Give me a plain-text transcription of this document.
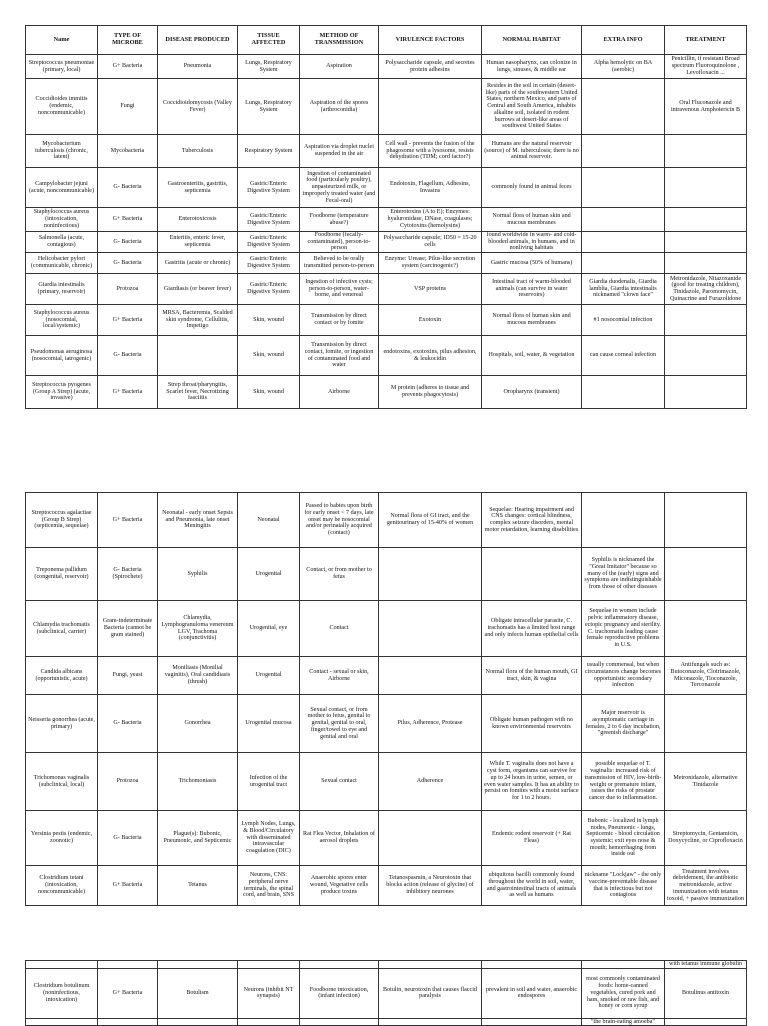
Name	TYPE OF MICROBE	DISEASE PRODUCED	TISSUE AFFECTED	METHOD OF TRANSMISSION	VIRULENCE FACTORS	NORMAL HABITAT	EXTRA INFO	TREATMENT
Streptococcus pneumoniae (primary, local)	G+ Bacteria	Pneumonia	Lungs, Respiratory System	Aspiration	Polysaccharide capsule, and secretes protein adhesins	Human nasopharynx, can colonize in lungs, sinuses, & middle ear	Alpha hemolytic on BA (aerobic)	Penicillin, if resistant Broad spectrum Fluoroquinolone , Levofloxacin ...
Coccidioides immitis (endemic, noncommunicable)	Fungi	Coccidioidomycosis (Valley Fever)	Lungs, Respiratory System	Aspiration of the spores (arthroconidia)		Resides in the soil in certain (desert-like) parts of the southwestern United States, northern Mexico, and parts of Central and South America, inhabits alkaline soil, isolated in rodent burrows at desert-like areas of southwest United States		Oral Fluconazole and intravenous Amphotericin B
Mycobacterium tuberculosis (chronic, latent)	Mycobacteria	Tuberculosis	Respiratory System	Aspiration via droplet nuclei suspended in the air	Cell wall - prevents the fusion of the phagosome with a lysosome, resists dehydration (TDM; cord factor?)	Humans are the natural reservoir (source) of M. tuberculosis; there is no animal reservoir.		
Campylobacter jejuni (acute, noncommunicable)	G- Bacteria	Gastroenteritis, gastritis, septicemia	Gastric/Enteric Digestive System	Ingestion of contaminated food (particularly poultry), unpasteurized milk, or improperly treated water (and Fecal-oral)	Endotoxin, Flagellum, Adhesins, Invasins	commonly found in animal feces		
Staphylococcus aureus (intoxication, noninfectious)	G+ Bacteria	Enterotoxicosis	Gastric/Enteric Digestive System	Foodborne (temperature abuse?)	Enterotoxins (A to E); Enzymes: hyaluronidase, DNase, coagulases; Cytotoxins (hemolysins)	Normal flora of human skin and mucous membranes		
Salmonella (acute, contagious)	G- Bacteria	Enteritis, enteric fever, septicemia	Gastric/Enteric Digestive System	Foodborne (fecally-contaminated), person-to-person	Polysaccharide capsule; ID50 = 15-20 cells	found worldwide in warm- and cold-blooded animals, in humans, and in nonliving habitats		
Helicobacter pylori (communicable, chronic)	G- Bacteria	Gastritis (acute or chronic)	Gastric/Enteric Digestive System	Believed to be orally transmitted person-to-person	Enzyme: Urease; Pilus-like secretion system (carcinogenic?)	Gastric mucosa (50% of humans)		
Giardia intestinalis (primary, reservoir)	Protozoa	Giardiasis (or beaver fever)	Gastric/Enteric Digestive System	Ingestion of infective cysts; person-to-person, water-borne, and venereal	VSP proteins	Intestinal tract of warm-blooded animals (can survive in water reservoirs)	Giardia duodenalis, Giardia lamblia, Giardia intestinalis nicknamed "clown face"	Metronidazole, Nitazoxanide (good for treating children), Tinidazole, Paromomycin, Quinacrine and Furazolidone
Staphylococcus aureus (nosocomial, local/systemic)	G+ Bacteria	MRSA, Bacteremia, Scalded skin syndrome, Cellulitis, Impetigo	Skin, wound	Transmission by direct contact or by fomite	Exotoxin	Normal flora of human skin and mucous membranes	#1 nosocomial infection	
Pseudomonas aeruginosa (nosocomial, iatrogenic)	G- Bacteria		Skin, wound	Transmission by direct contact, fomite, or ingestion of contaminated food and water	endotoxins, exotoxins, pilus adhesion, & leukocidin	Hospitals, soil, water, & vegetation	can cause corneal infection	
Streptococcus pyogenes (Group A Strep) (acute, invasive)	G+ Bacteria	Strep throat/pharyngitis, Scarlet fever, Necrotizing fasciitis	Skin, wound	Airborne	M protein (adheres to tissue and prevents phagocytosis)	Oropharynx (transient)		
Streptococcus agalactiae (Group B Strep) (septicemia, sequelae)	G+ Bacteria	Neonatal - early onset Sepsis and Pneumonia, late onset Meningitis	Neonatal	Passed to babies upon birth for early onset < 7 days, late onset may be nosocomial and/or perinatally acquired (contact)	Normal flora of GI tract, and the genitourinary of 15-40% of women	Sequelae: Hearing impairment and CNS changes: cortical blindness, complex seizure disorders, mental motor retardation, learning disabilities		
Treponema pallidum (congenital, reservoir)	G- Bacteria (Spirochete)	Syphilis	Urogenital	Contact, or from mother to fetus			Syphilis is nicknamed the "Great Imitator" because so many of the (early) signs and symptoms are indistinguishable from those of other diseases	
Chlamydia trachomatis (subclinical, carrier)	Gram-indeterminate Bacteria (cannot be gram stained)	Chlamydia, Lymphogranuloma venereum LGV, Trachoma (conjunctivitis)	Urogenital, eye	Contact		Obligate intracellular parasite, C. trachomatis has a limited host range and only infects human epithelial cells	Sequelae in women include pelvic inflammatory disease, ectopic pregnancy and sterility. C. trachomatis leading cause female reproductive problems in U.S.	
Candida albicans (opportunistic, acute)	Fungi, yeast	Moniliasis (Monilial vaginitis), Oral candidiasis (thrush)	Urogenital	Contact - sexual or skin, Airborne		Normal flora of the human mouth, GI tract, skin, & vagina	usually commensal, but when circumstances change becomes opportunistic secondary infection	Antifungals such as: Butoconazole, Clotrimazole, Miconazole, Tioconazole, Terconazole
Neisseria gonorrhea (acute, primary)	G- Bacteria	Gonorrhea	Urogenital mucosa	Sexual contact, or from mother to fetus, genital to genital, genital to oral, finger/towel to eye and genital and oral	Pilus, Adherence, Protease	Obligate human pathogen with no known environmental reservoirs	Major reservoir is asymptomatic carriage in females, 2 to 6 day incubation, "greenish discharge"	
Trichomonas vaginalis (subclinical, local)	Protozoa	Trichomoniasis	Infection of the urogenital tract	Sexual contact	Adherence	While T. vaginalis does not have a cyst form, organisms can survive for up to 24 hours in urine, semen, or even water samples. It has an ability to persist on fomites with a moist surface for 1 to 2 hours.	possible sequelae of T. vaginalis: increased risk of transmission of HIV, low-birth-weight or premature infant, raises the risks of prostate cancer due to inflammation.	Metronidazole, alternative Tinidazole
Yersinia pestis (endemic, zoonotic)	G- Bacteria	Plague(s): Bubonic, Pneumonic, and Septicemic	Lymph Nodes, Lungs, & Blood/Circulatory with disseminated intravascular coagulation (DIC)	Rat Flea Vector, Inhalation of aerosol droplets		Endemic rodent reservoir (+ Rat Fleas)	Bubonic - localized in lymph nodes, Pneumonic - lungs, Septicemic - blood circulation systemic; exit eyes nose & mouth; hemorrhaging from inside out	Streptomycin, Gentamicin, Doxycycline, or Ciprofloxacin
Clostridium tetani (intoxication, noncommunicable)	G+ Bacteria	Tetanus	Neurons, CNS: peripheral nerve terminals, the spinal cord, and brain, SNS	Anaerobic spores enter wound, Vegetative cells produce toxins	Tetanospasmin, a Neurotoxin that blocks action (release of glycine) of inhibitory neurones	ubiquitous bacilli commonly found throughout the world in soil, water, and gastrointestinal tracts of animals as well as humans	nickname "Lockjaw" - the only vaccine-preventable disease that is infectious but not contagious	Treatment involves debridement, the antibiotic metronidazole, active immunization with tetanus toxoid, + passive immunization
								with tetanus immune globulin
Clostridium botulinum (noninfectious, intoxication)	G+ Bacteria	Botulism	Neurons (inhibit NT synapsis)	Foodborne intoxication, (infant infection)	Botulin, neurotoxin that causes flaccid paralysis	prevalent in soil and water, anaerobic endospores	most commonly contaminated foods: home-canned vegetables, cured pork and ham, smoked or raw fish, and honey or corn syrup	Botulinus antitoxin
							"the brain-eating amoeba"	
